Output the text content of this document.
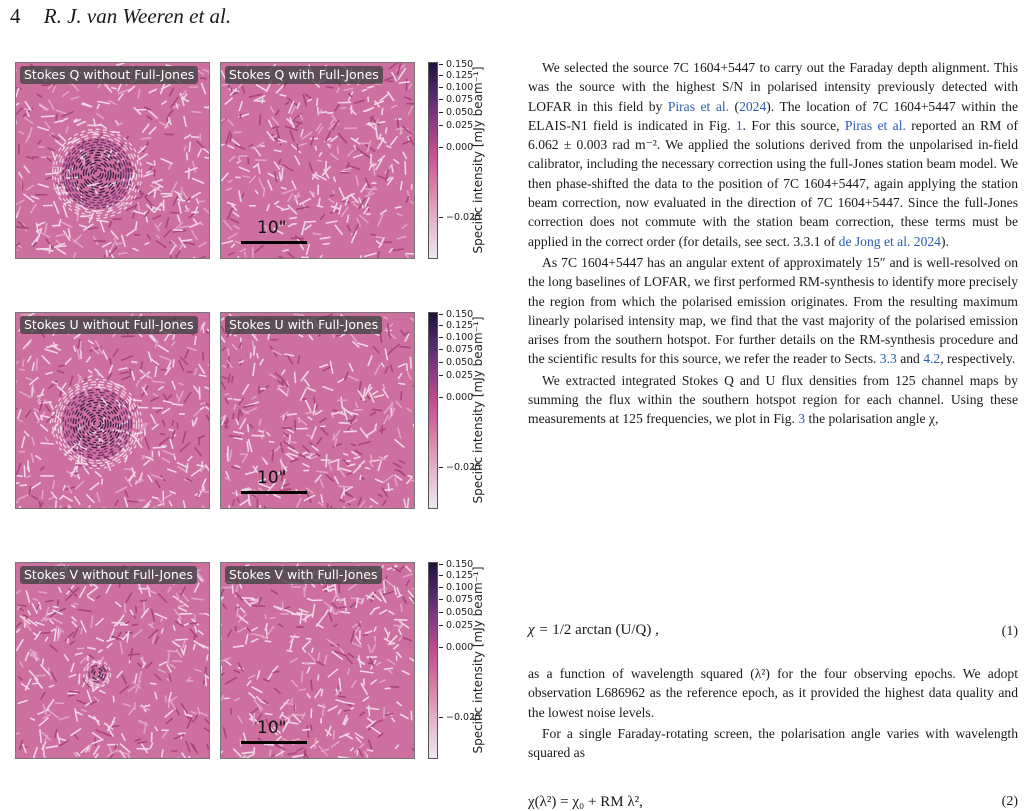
4 R. J. van Weeren et al.
Stokes Q without Full-Jones	Stokes Q with Full-Jones
10"
0.150
0.125
0.100
0.075
0.050
0.025
0.000
−0.025
Specific intensity [mJy beam⁻¹]
Stokes U without Full-Jones	Stokes U with Full-Jones
10"
0.150
0.125
0.100
0.075
0.050
0.025
0.000
−0.025
Specific intensity [mJy beam⁻¹]
Stokes V without Full-Jones	Stokes V with Full-Jones
10"
0.150
0.125
0.100
0.075
0.050
0.025
0.000
−0.025
Specific intensity [mJy beam⁻¹]

We selected the source 7C 1604+5447 to carry out the Faraday depth alignment. This was the source with the highest S/N in polarised intensity previously detected with LOFAR in this field by Piras et al. (2024). The location of 7C 1604+5447 within the ELAIS-N1 field is indicated in Fig. 1. For this source, Piras et al. reported an RM of 6.062 ± 0.003 rad m⁻². We applied the solutions derived from the unpolarised in-field calibrator, including the necessary correction using the full-Jones station beam model. We then phase-shifted the data to the position of 7C 1604+5447, again applying the station beam correction, now evaluated in the direction of 7C 1604+5447. Since the full-Jones correction does not commute with the station beam correction, these terms must be applied in the correct order (for details, see sect. 3.3.1 of de Jong et al. 2024).

As 7C 1604+5447 has an angular extent of approximately 15″ and is well-resolved on the long baselines of LOFAR, we first performed RM-synthesis to identify more precisely the region from which the polarised emission originates. From the resulting maximum linearly polarised intensity map, we find that the vast majority of the polarised emission arises from the southern hotspot. For further details on the RM-synthesis procedure and the scientific results for this source, we refer the reader to Sects. 3.3 and 4.2, respectively.

We extracted integrated Stokes Q and U flux densities from 125 channel maps by summing the flux within the southern hotspot region for each channel. Using these measurements at 125 frequencies, we plot in Fig. 3 the polarisation angle χ,

χ = 1/2 arctan (U/Q) ,	(1)

as a function of wavelength squared (λ²) for the four observing epochs. We adopt observation L686962 as the reference epoch, as it provided the highest data quality and the lowest noise levels.

For a single Faraday-rotating screen, the polarisation angle varies with wavelength squared as

χ(λ²) = χ₀ + RM λ²,	(2)
